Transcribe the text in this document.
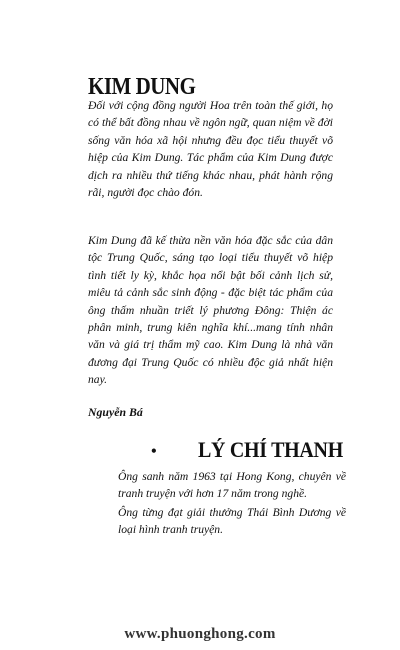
KIM DUNG

Đối với cộng đồng người Hoa trên toàn thế giới, họ có thể bất đồng nhau về ngôn ngữ, quan niệm về đời sống văn hóa xã hội nhưng đều đọc tiểu thuyết võ hiệp của Kim Dung. Tác phẩm của Kim Dung được dịch ra nhiều thứ tiếng khác nhau, phát hành rộng rãi, người đọc chào đón.

Kim Dung đã kế thừa nền văn hóa đặc sắc của dân tộc Trung Quốc, sáng tạo loại tiểu thuyết võ hiệp tình tiết ly kỳ, khắc họa nổi bật bối cảnh lịch sử, miêu tả cảnh sắc sinh động - đặc biệt tác phẩm của ông thấm nhuần triết lý phương Đông: Thiện ác phân minh, trung kiên nghĩa khí...mang tính nhân văn và giá trị thẩm mỹ cao. Kim Dung là nhà văn đương đại Trung Quốc có nhiều độc giả nhất hiện nay.

Nguyễn Bá
• LÝ CHÍ THANH

Ông sanh năm 1963 tại Hong Kong, chuyên về tranh truyện với hơn 17 năm trong nghề.

Ông từng đạt giải thưởng Thái Bình Dương về loại hình tranh truyện.

www.phuonghong.com
